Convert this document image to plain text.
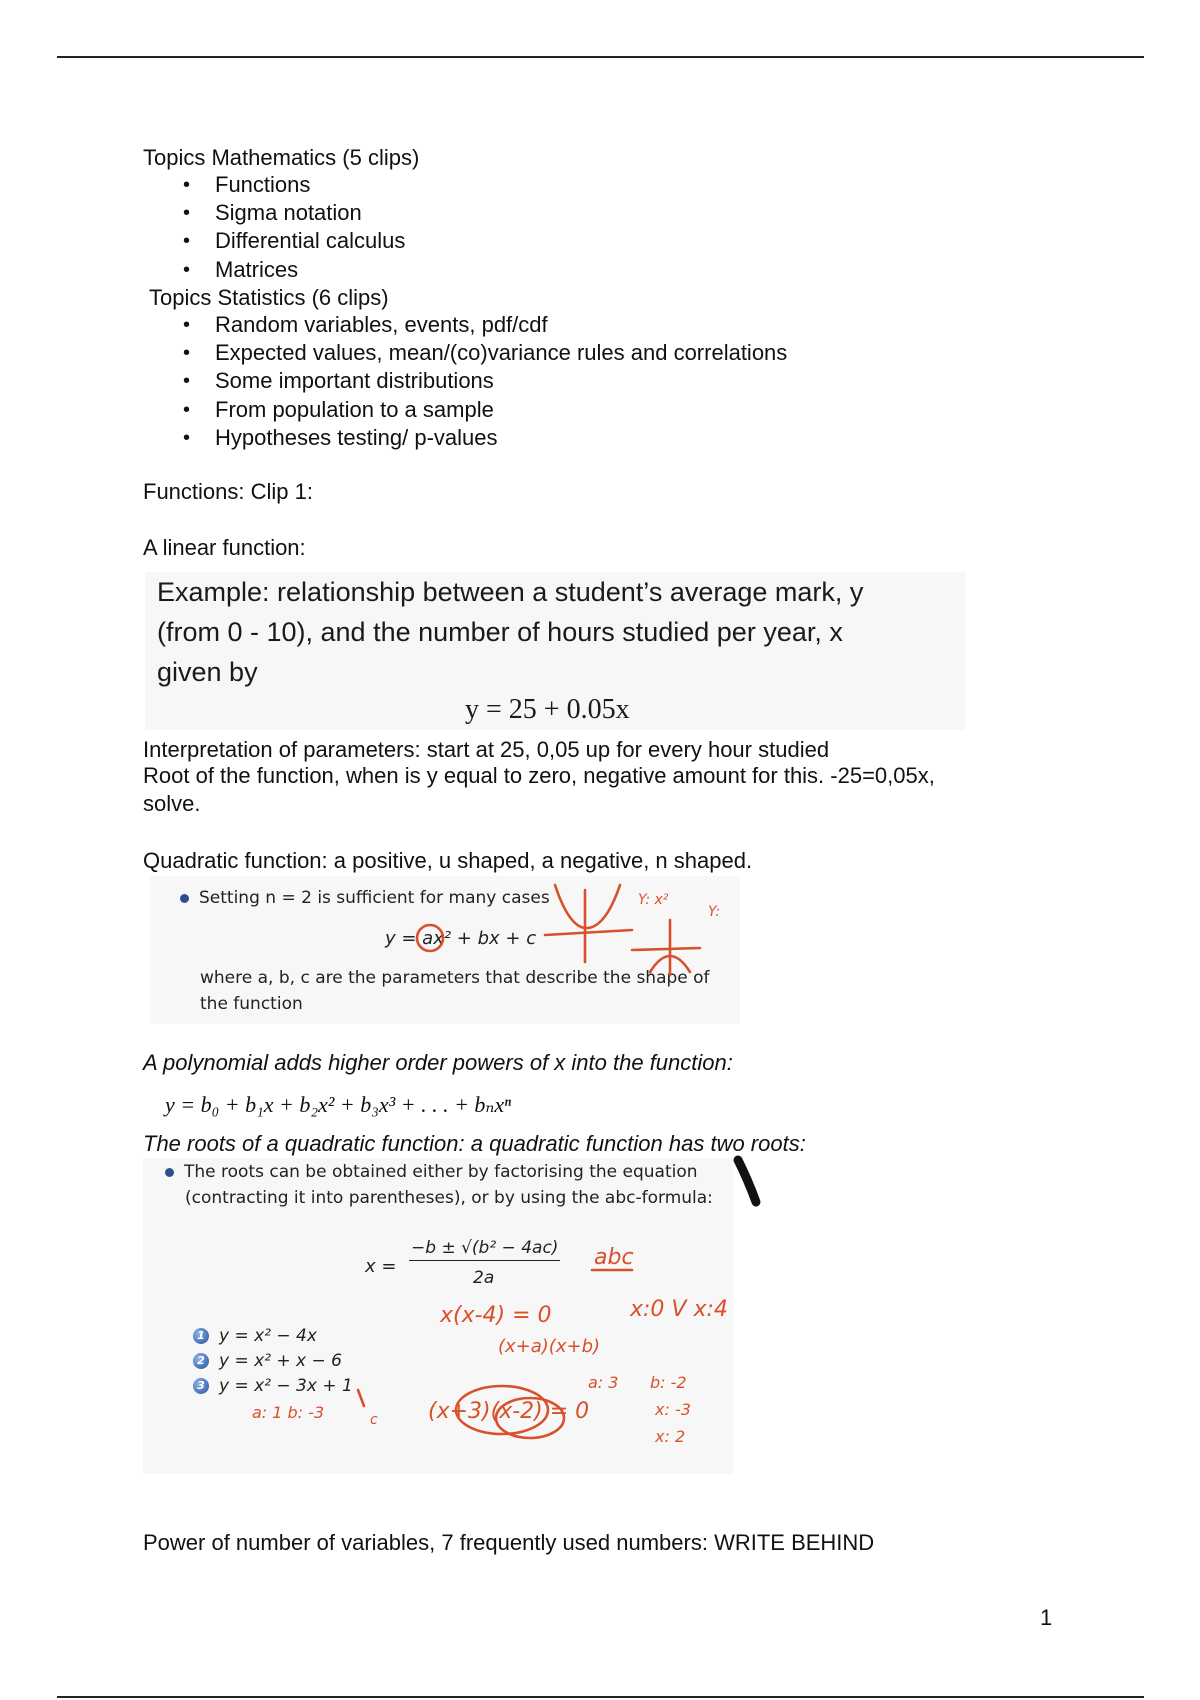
Topics Mathematics (5 clips)
• Functions
• Sigma notation
• Differential calculus
• Matrices
Topics Statistics (6 clips)
• Random variables, events, pdf/cdf
• Expected values, mean/(co)variance rules and correlations
• Some important distributions
• From population to a sample
• Hypotheses testing/ p-values
Functions: Clip 1:
A linear function:
Example: relationship between a student’s average mark, y
(from 0 - 10), and the number of hours studied per year, x
given by
y = 25 + 0.05x
Interpretation of parameters: start at 25, 0,05 up for every hour studied
Root of the function, when is y equal to zero, negative amount for this. -25=0,05x,
solve.
Quadratic function: a positive, u shaped, a negative, n shaped.
Setting n = 2 is sufficient for many cases
y = ax² + bx + c
where a, b, c are the parameters that describe the shape of
the function
Y: x²
Y:
A polynomial adds higher order powers of x into the function:
y = b₀ + b₁x + b₂x² + b₃x³ + . . . + bₙxⁿ
The roots of a quadratic function: a quadratic function has two roots:
The roots can be obtained either by factorising the equation
(contracting it into parentheses), or by using the abc-formula:
x =
−b ± √(b² − 4ac)
2a
1 y = x² − 4x
2 y = x² + x − 6
3 y = x² − 3x + 1
abc
x(x-4) = 0	x:0 V x:4
(x+a)(x+b)
a: 3 b: -2
(x+3)(x-2) = 0	x: -3
x: 2
a: 1 b: -3	c
Power of number of variables, 7 frequently used numbers: WRITE BEHIND
1
